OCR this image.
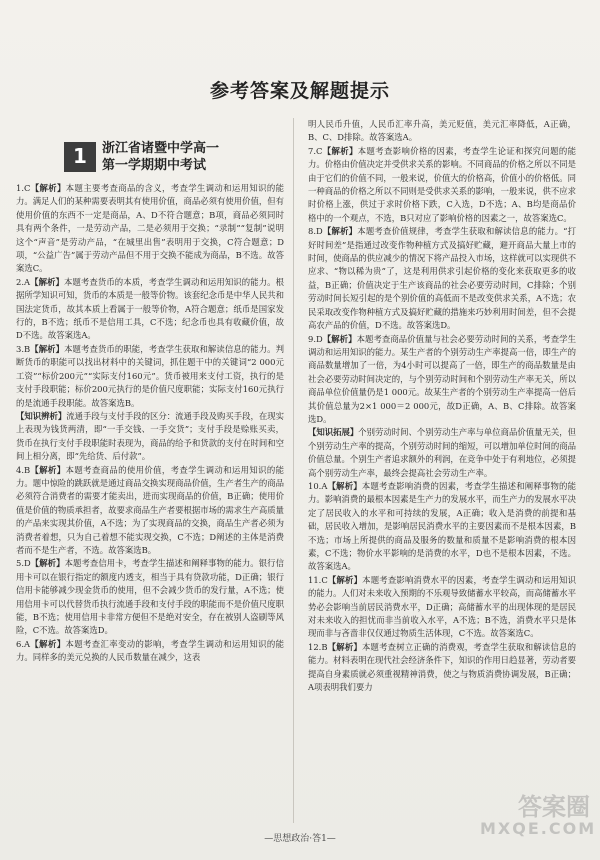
参考答案及解题提示
1	浙江省诸暨中学高一
第一学期期中考试

1.C【解析】本题主要考查商品的含义，考查学生调动和运用知识的能力。满足人们的某种需要表明其有使用价值，商品必须有使用价值，但有使用价值的东西不一定是商品，A、D不符合题意；B项，商品必须同时具有两个条件，一是劳动产品，二是必须用于交换；“录制”“复制”说明这个“声音”是劳动产品，“在城里出售”表明用于交换，C符合题意；D项，“公益广告”属于劳动产品但不用于交换不能成为商品，B不选。故答案选C。

2.A【解析】本题考查货币的本质，考查学生调动和运用知识的能力。根据所学知识可知，货币的本质是一般等价物。该套纪念币是中华人民共和国法定货币，故其本质上看属于一般等价物，A符合题意；纸币是国家发行的，B不选；纸币不是信用工具，C不选；纪念币也具有收藏价值，故D不选。故答案选A。

3.B【解析】本题考查货币的职能，考查学生获取和解读信息的能力。判断货币的职能可以找出材料中的关键词，抓住题干中的关键词“2 000元工资”“标价200元”“实际支付160元”。货币被用来支付工资，执行的是支付手段职能；标价200元执行的是价值尺度职能；实际支付160元执行的是流通手段职能。故答案选B。

【知识辨析】流通手段与支付手段的区分：流通手段及购买手段，在现实上表现为钱货两清，即“一手交钱、一手交货”；支付手段是赊账买卖，货币在执行支付手段职能时表现为，商品的给予和货款的支付在时间和空间上相分离，即“先给货、后付款”。

4.B【解析】本题考查商品的使用价值，考查学生调动和运用知识的能力。题中惊险的跳跃就是通过商品交换实现商品价值，生产者生产的商品必须符合消费者的需要才能卖出，进而实现商品的价值，B正确；使用价值是价值的物质承担者，故要求商品生产者要根据市场的需求生产高质量的产品来实现其价值，A不选；为了实现商品的交换，商品生产者必须为消费者着想，只为自己着想不能实现交换，C不选；D阐述的主体是消费者而不是生产者，不选。故答案选B。

5.D【解析】本题考查信用卡，考查学生描述和阐释事物的能力。银行信用卡可以在银行指定的额度内透支，相当于具有贷款功能，D正确；银行信用卡能够减少现金货币的使用，但不会减少货币的发行量，A不选；使用信用卡可以代替货币执行流通手段和支付手段的职能而不是价值尺度职能，B不选；使用信用卡非常方便但不是绝对安全，存在被别人盗刷等风险，C不选。故答案选D。

6.A【解析】本题考查汇率变动的影响，考查学生调动和运用知识的能力。同样多的美元兑换的人民币数量在减少，这表

明人民币升值，人民币汇率升高，美元贬值，美元汇率降低，A正确，B、C、D排除。故答案选A。

7.C【解析】本题考查影响价格的因素，考查学生论证和探究问题的能力。价格由价值决定并受供求关系的影响。不同商品的价格之所以不同是由于它们的价值不同，一般来说，价值大的价格高，价值小的价格低。同一种商品的价格之所以不同则是受供求关系的影响，一般来说，供不应求时价格上涨，供过于求时价格下跌，C入选，D不选；A、B均是商品价格中的一个观点，不选，B只对应了影响价格的因素之一，故答案选C。

8.D【解析】本题考查价值规律，考查学生获取和解读信息的能力。“打好时间差”是指通过改变作物种植方式及搞好贮藏，避开商品大量上市的时间，使商品的供应减少的情况下将产品投入市场，这样就可以实现供不应求、“物以稀为贵”了，这是利用供求引起价格的变化来获取更多的收益，B正确；价值决定于生产该商品的社会必要劳动时间，C排除；个别劳动时间长短引起的是个别价值的高低而不是改变供求关系，A不选；农民采取改变作物种植方式及搞好贮藏的措施来巧妙利用时间差，但不会提高农产品的价值，D不选。故答案选D。

9.D【解析】本题考查商品价值量与社会必要劳动时间的关系，考查学生调动和运用知识的能力。某生产者的个别劳动生产率提高一倍，即生产的商品数量增加了一倍，为4小时可以提高了一倍，即生产的商品数量是由社会必要劳动时间决定的，与个别劳动时间和个别劳动生产率无关，所以商品单位价值量仍是1 000元。故某生产者的个别劳动生产率提高一倍后其价值总量为2×1 000＝2 000元，故D正确，A、B、C排除。故答案选D。

【知识拓展】个别劳动时间、个别劳动生产率与单位商品价值量无关，但个别劳动生产率的提高，个别劳动时间的缩短，可以增加单位时间的商品价值总量。个别生产者追求额外的利润，在竞争中处于有利地位，必须提高个别劳动生产率，最终会提高社会劳动生产率。

10.A【解析】本题考查影响消费的因素，考查学生描述和阐释事物的能力。影响消费的最根本因素是生产力的发展水平，而生产力的发展水平决定了居民收入的水平和可持续的发展，A正确；收入是消费的前提和基础，居民收入增加，是影响居民消费水平的主要因素而不是根本因素，B不选；市场上所提供的商品及服务的数量和质量不是影响消费的根本因素，C不选；物价水平影响的是消费的水平，D也不是根本因素，不选。故答案选A。

11.C【解析】本题考查影响消费水平的因素，考查学生调动和运用知识的能力。人们对未来收入预期的不乐观导致储蓄水平较高，而高储蓄水平势必会影响当前居民消费水平，D正确；高储蓄水平的出现体现的是居民对未来收入的担忧而非当前收入水平，A不选；B不选，消费水平只是体现而非与吝啬非仅仅通过物质生活体现，C不选。故答案选C。

12.B【解析】本题考查树立正确的消费观，考查学生获取和解读信息的能力。材料表明在现代社会经济条件下，知识的作用日趋显著，劳动者要提高自身素质就必须重视精神消费，使之与物质消费协调发展，B正确；A项表明我们要力

—思想政治·答1—
答案圈
MXQE.COM
